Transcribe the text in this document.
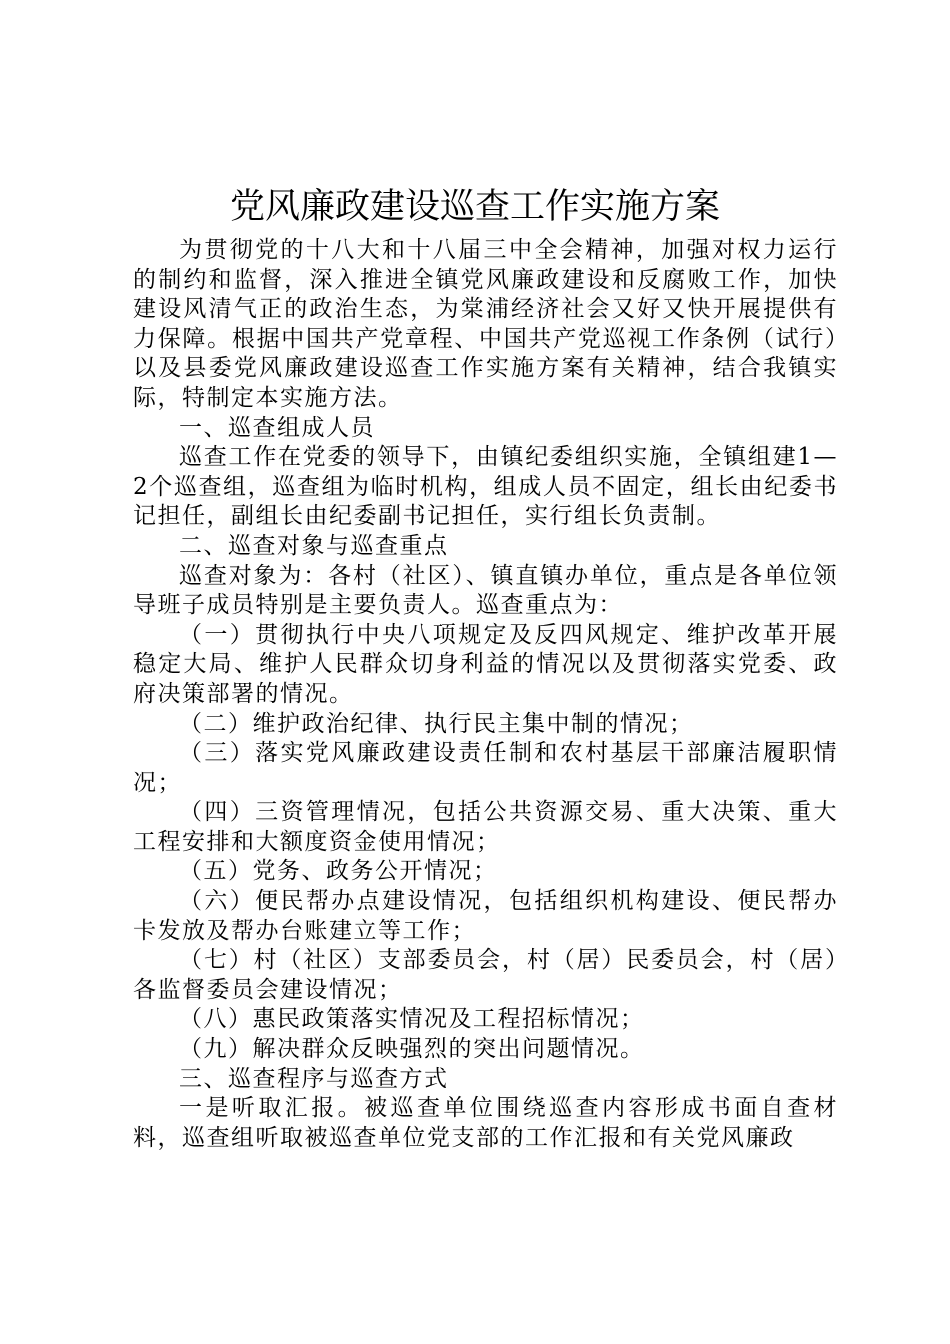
党风廉政建设巡查工作实施方案

为贯彻党的十八大和十八届三中全会精神，加强对权力运行的制约和监督，深入推进全镇党风廉政建设和反腐败工作，加快建设风清气正的政治生态，为棠浦经济社会又好又快开展提供有力保障。根据中国共产党章程、中国共产党巡视工作条例（试行）以及县委党风廉政建设巡查工作实施方案有关精神，结合我镇实际，特制定本实施方法。

一、巡查组成人员

巡查工作在党委的领导下，由镇纪委组织实施，全镇组建1—2个巡查组，巡查组为临时机构，组成人员不固定，组长由纪委书记担任，副组长由纪委副书记担任，实行组长负责制。

二、巡查对象与巡查重点

巡查对象为：各村（社区）、镇直镇办单位，重点是各单位领导班子成员特别是主要负责人。巡查重点为：

（一）贯彻执行中央八项规定及反四风规定、维护改革开展稳定大局、维护人民群众切身利益的情况以及贯彻落实党委、政府决策部署的情况。

（二）维护政治纪律、执行民主集中制的情况；

（三）落实党风廉政建设责任制和农村基层干部廉洁履职情况；

（四）三资管理情况，包括公共资源交易、重大决策、重大工程安排和大额度资金使用情况；

（五）党务、政务公开情况；

（六）便民帮办点建设情况，包括组织机构建设、便民帮办卡发放及帮办台账建立等工作；

（七）村（社区）支部委员会，村（居）民委员会，村（居）各监督委员会建设情况；

（八）惠民政策落实情况及工程招标情况；

（九）解决群众反映强烈的突出问题情况。

三、巡查程序与巡查方式

一是听取汇报。被巡查单位围绕巡查内容形成书面自查材料，巡查组听取被巡查单位党支部的工作汇报和有关党风廉政
